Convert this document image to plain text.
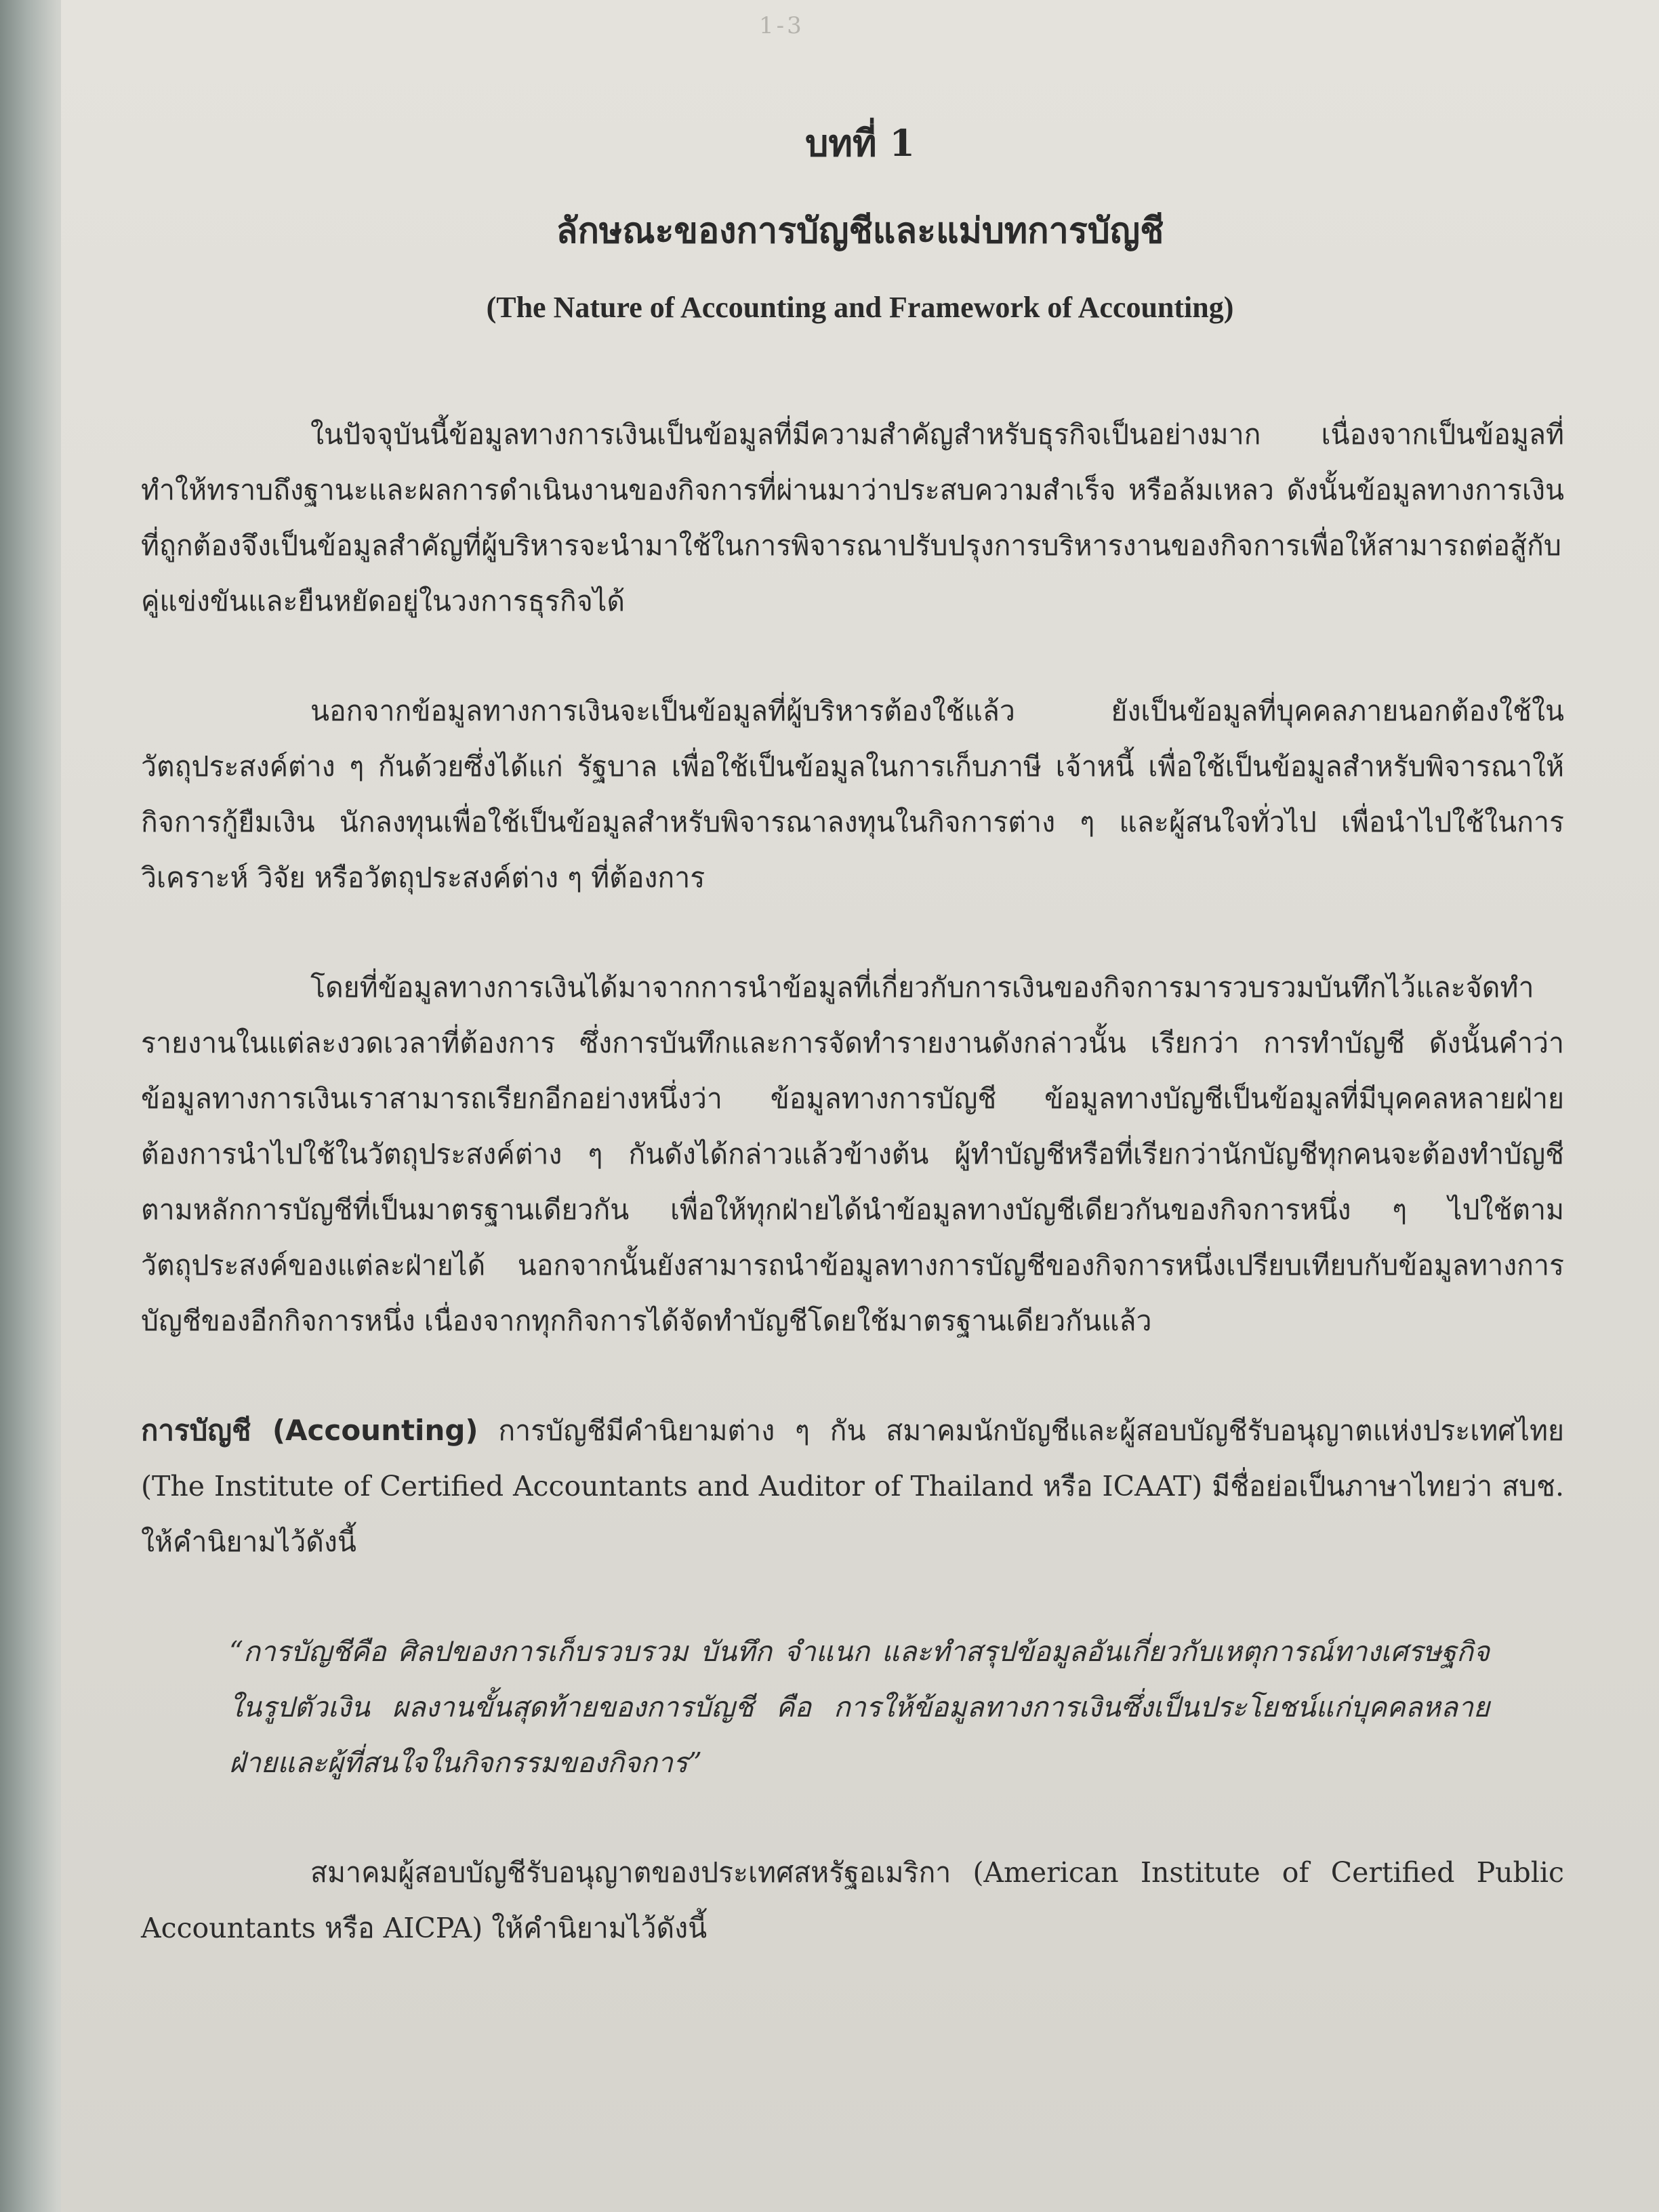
1-3
บทที่ 1
ลักษณะของการบัญชีและแม่บทการบัญชี
(The Nature of Accounting and Framework of Accounting)

ในปัจจุบันนี้ข้อมูลทางการเงินเป็นข้อมูลที่มีความสำคัญสำหรับธุรกิจเป็นอย่างมาก เนื่องจากเป็นข้อมูลที่ทำให้ทราบถึงฐานะและผลการดำเนินงานของกิจการที่ผ่านมาว่าประสบความสำเร็จ หรือล้มเหลว ดังนั้นข้อมูลทางการเงินที่ถูกต้องจึงเป็นข้อมูลสำคัญที่ผู้บริหารจะนำมาใช้ในการพิจารณาปรับปรุงการบริหารงานของกิจการเพื่อให้สามารถต่อสู้กับคู่แข่งขันและยืนหยัดอยู่ในวงการธุรกิจได้

นอกจากข้อมูลทางการเงินจะเป็นข้อมูลที่ผู้บริหารต้องใช้แล้ว ยังเป็นข้อมูลที่บุคคลภายนอกต้องใช้ในวัตถุประสงค์ต่าง ๆ กันด้วยซึ่งได้แก่ รัฐบาล เพื่อใช้เป็นข้อมูลในการเก็บภาษี เจ้าหนี้ เพื่อใช้เป็นข้อมูลสำหรับพิจารณาให้กิจการกู้ยืมเงิน นักลงทุนเพื่อใช้เป็นข้อมูลสำหรับพิจารณาลงทุนในกิจการต่าง ๆ และผู้สนใจทั่วไป เพื่อนำไปใช้ในการวิเคราะห์ วิจัย หรือวัตถุประสงค์ต่าง ๆ ที่ต้องการ

โดยที่ข้อมูลทางการเงินได้มาจากการนำข้อมูลที่เกี่ยวกับการเงินของกิจการมารวบรวมบันทึกไว้และจัดทำรายงานในแต่ละงวดเวลาที่ต้องการ ซึ่งการบันทึกและการจัดทำรายงานดังกล่าวนั้น เรียกว่า การทำบัญชี ดังนั้นคำว่าข้อมูลทางการเงินเราสามารถเรียกอีกอย่างหนึ่งว่า ข้อมูลทางการบัญชี ข้อมูลทางบัญชีเป็นข้อมูลที่มีบุคคลหลายฝ่ายต้องการนำไปใช้ในวัตถุประสงค์ต่าง ๆ กันดังได้กล่าวแล้วข้างต้น ผู้ทำบัญชีหรือที่เรียกว่านักบัญชีทุกคนจะต้องทำบัญชีตามหลักการบัญชีที่เป็นมาตรฐานเดียวกัน เพื่อให้ทุกฝ่ายได้นำข้อมูลทางบัญชีเดียวกันของกิจการหนึ่ง ๆ ไปใช้ตามวัตถุประสงค์ของแต่ละฝ่ายได้ นอกจากนั้นยังสามารถนำข้อมูลทางการบัญชีของกิจการหนึ่งเปรียบเทียบกับข้อมูลทางการบัญชีของอีกกิจการหนึ่ง เนื่องจากทุกกิจการได้จัดทำบัญชีโดยใช้มาตรฐานเดียวกันแล้ว

การบัญชี (Accounting) การบัญชีมีคำนิยามต่าง ๆ กัน สมาคมนักบัญชีและผู้สอบบัญชีรับอนุญาตแห่งประเทศไทย (The Institute of Certified Accountants and Auditor of Thailand หรือ ICAAT) มีชื่อย่อเป็นภาษาไทยว่า สบช. ให้คำนิยามไว้ดังนี้

“การบัญชีคือ ศิลปของการเก็บรวบรวม บันทึก จำแนก และทำสรุปข้อมูลอันเกี่ยวกับเหตุการณ์ทางเศรษฐกิจในรูปตัวเงิน ผลงานขั้นสุดท้ายของการบัญชี คือ การให้ข้อมูลทางการเงินซึ่งเป็นประโยชน์แก่บุคคลหลายฝ่ายและผู้ที่สนใจในกิจกรรมของกิจการ”

สมาคมผู้สอบบัญชีรับอนุญาตของประเทศสหรัฐอเมริกา (American Institute of Certified Public Accountants หรือ AICPA) ให้คำนิยามไว้ดังนี้
